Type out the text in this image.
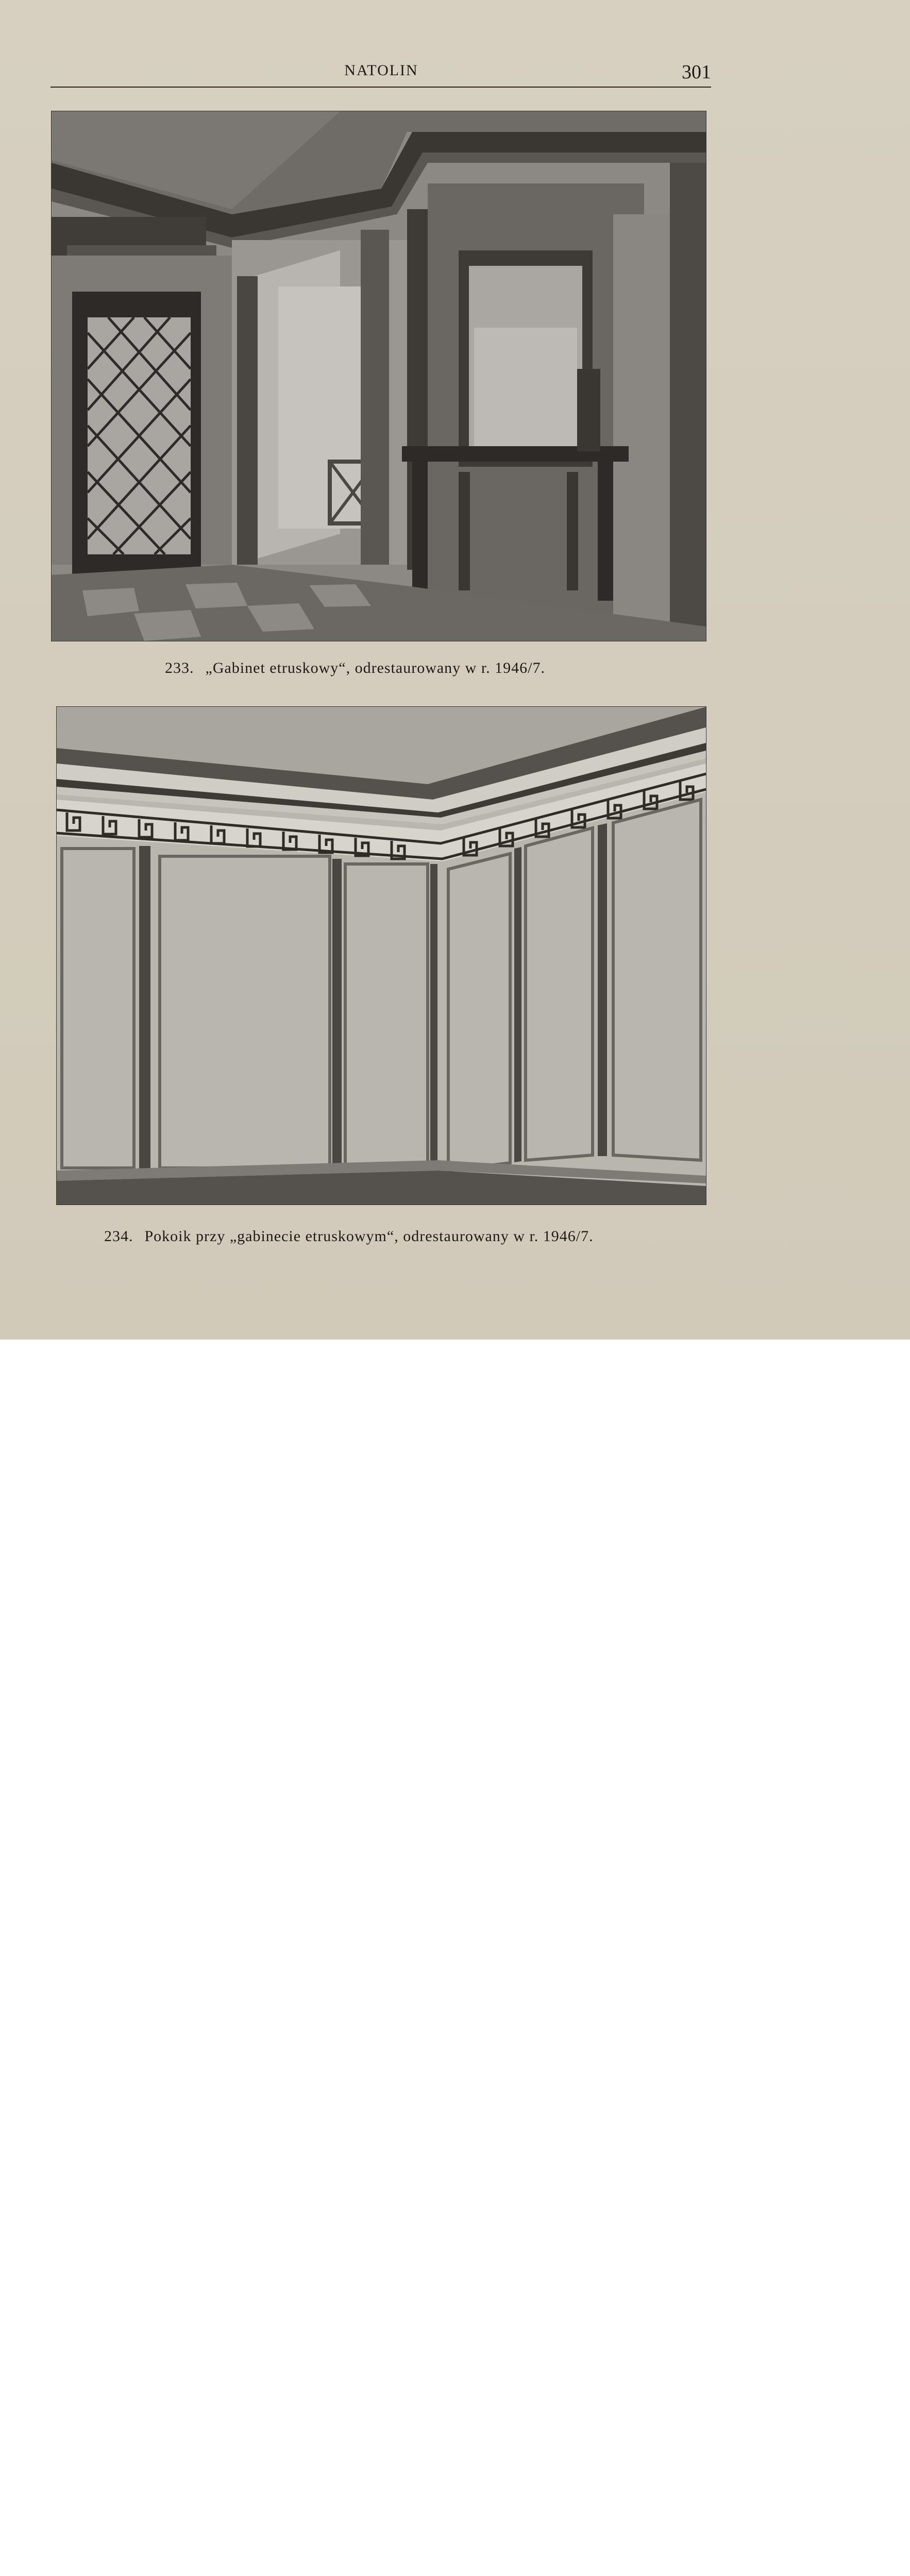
NATOLIN	301
233. „Gabinet etruskowy“, odrestaurowany w r. 1946/7.
234. Pokoik przy „gabinecie etruskowym“, odrestaurowany w r. 1946/7.
